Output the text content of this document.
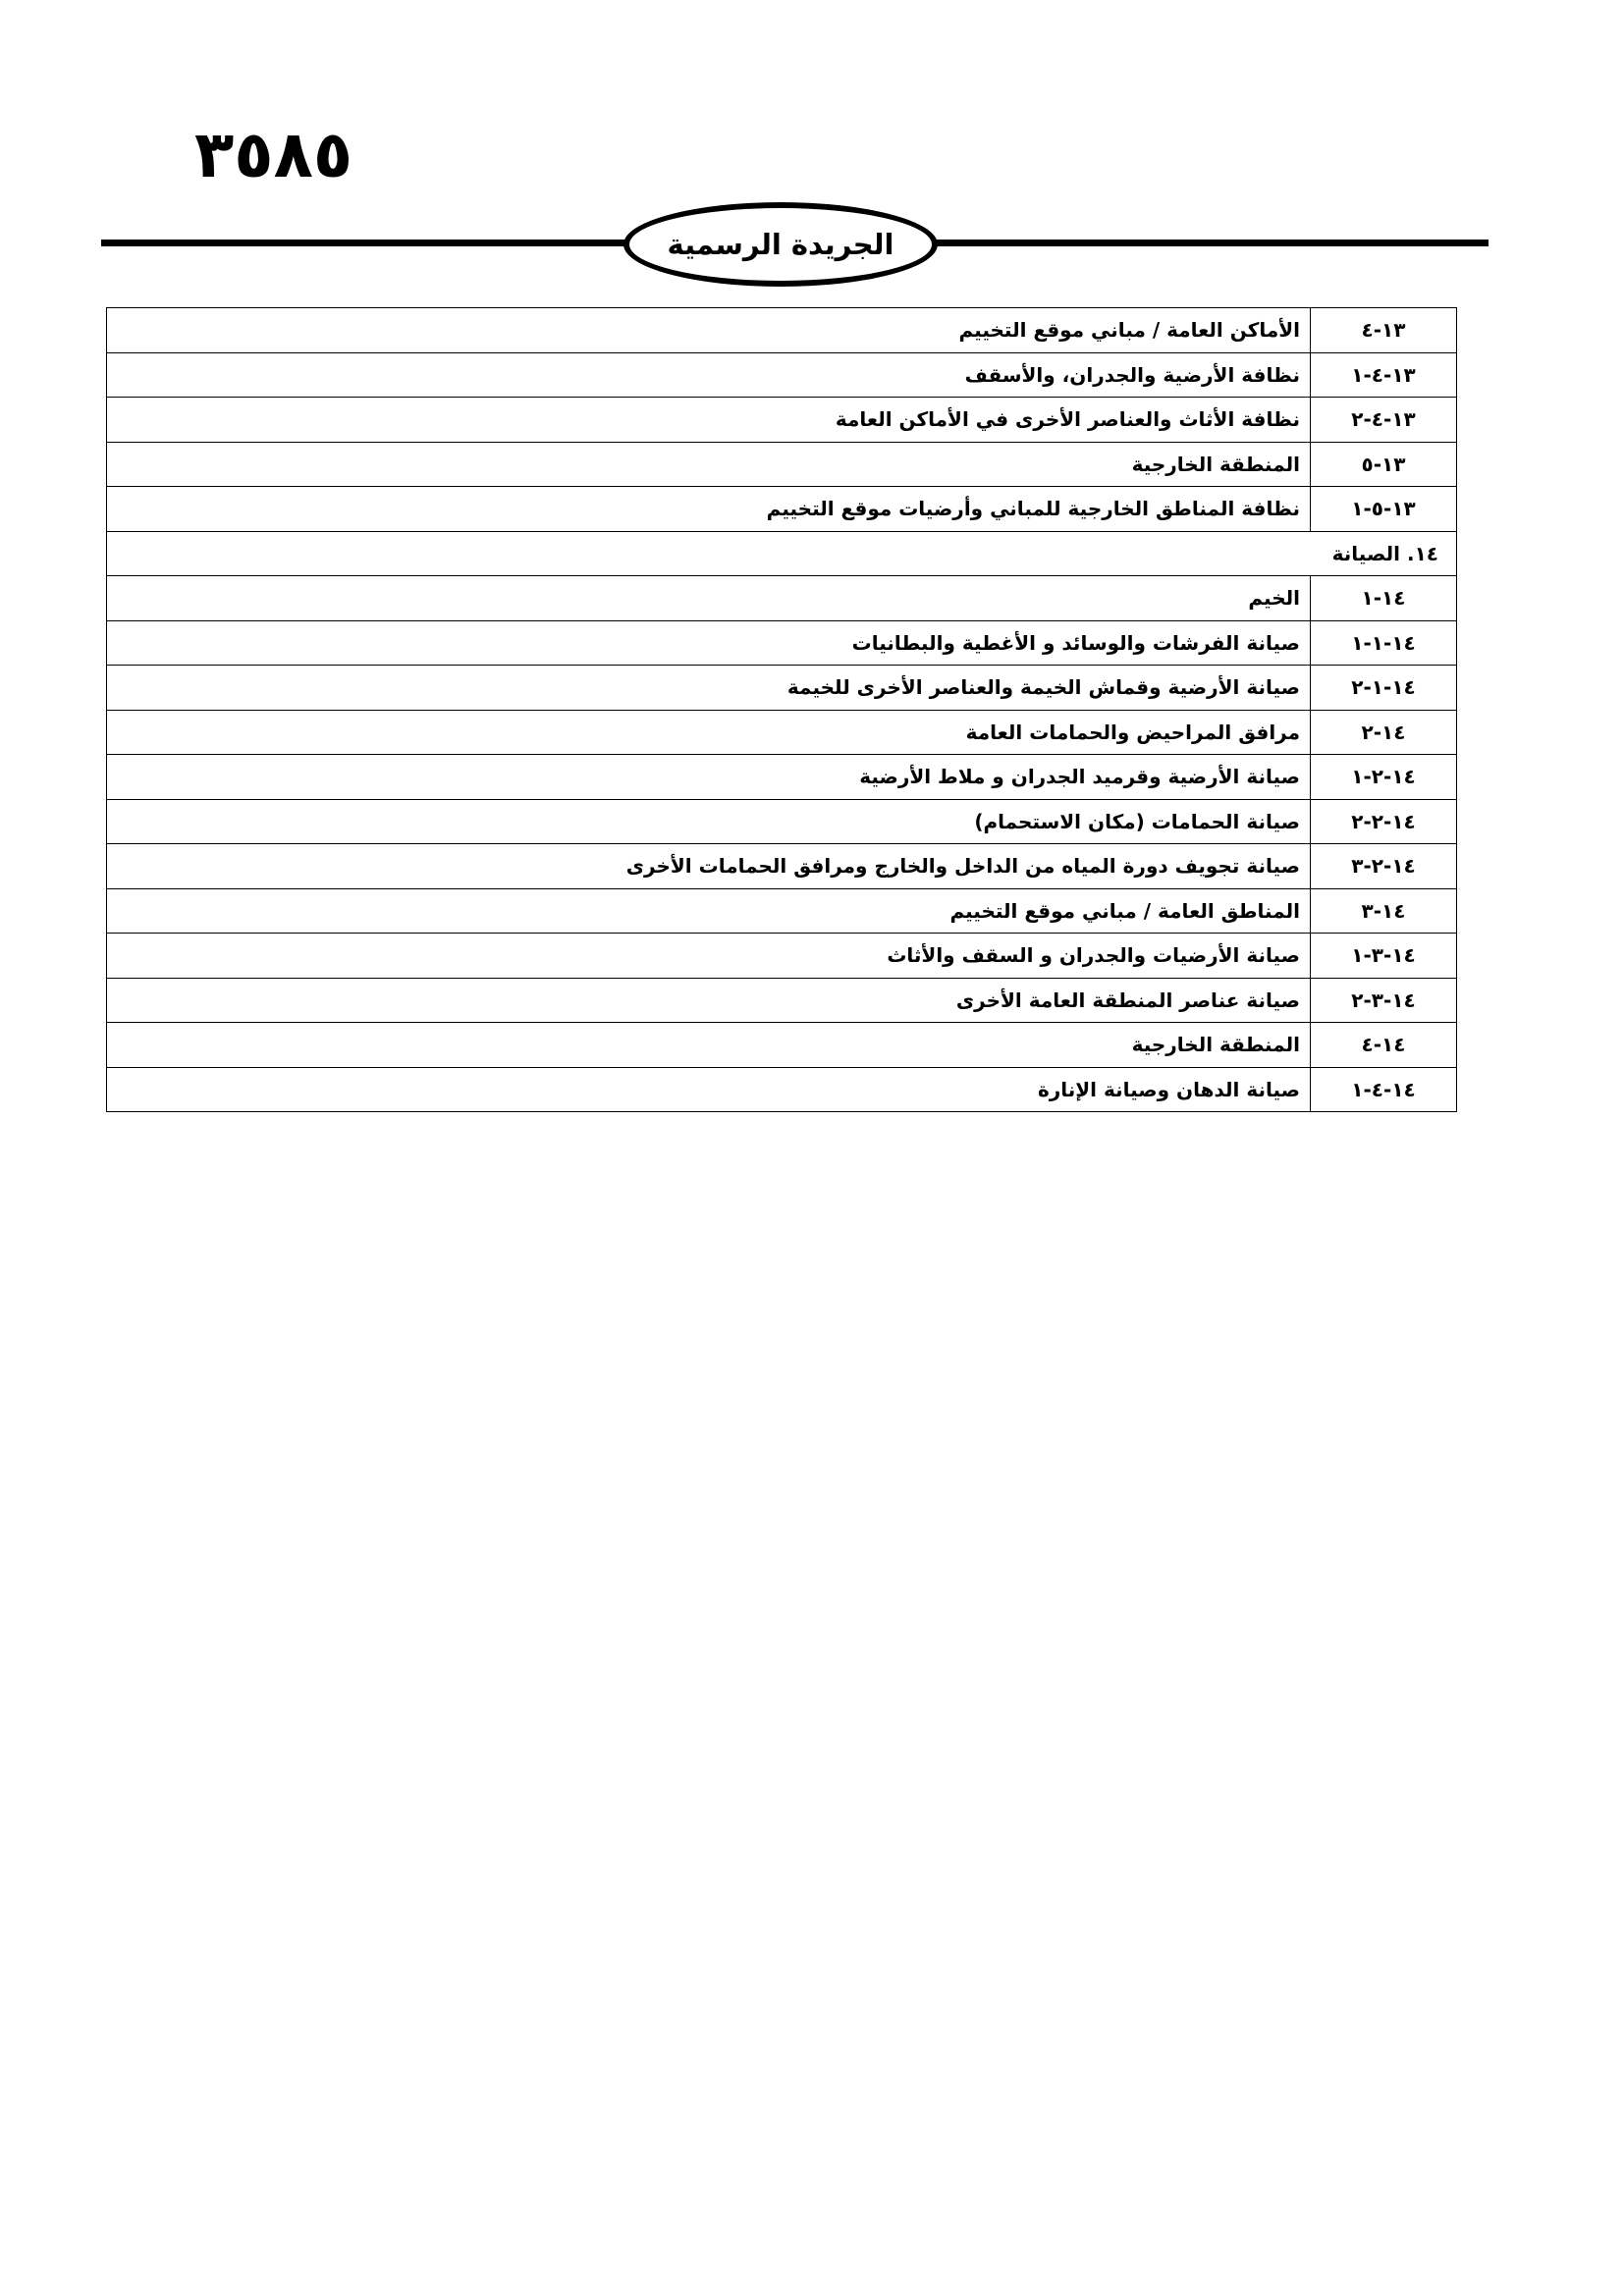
٣٥٨٥
الجريدة الرسمية
١٣-٤	الأماكن العامة / مباني موقع التخييم
١٣-٤-١	نظافة الأرضية والجدران، والأسقف
١٣-٤-٢	نظافة الأثاث والعناصر الأخرى في الأماكن العامة
١٣-٥	المنطقة الخارجية
١٣-٥-١	نظافة المناطق الخارجية للمباني وأرضيات موقع التخييم
١٤. الصيانة	
١٤-١	الخيم
١٤-١-١	صيانة الفرشات والوسائد و الأغطية والبطانيات
١٤-١-٢	صيانة الأرضية وقماش الخيمة والعناصر الأخرى للخيمة
١٤-٢	مرافق المراحيض والحمامات العامة
١٤-٢-١	صيانة الأرضية وقرميد الجدران و ملاط الأرضية
١٤-٢-٢	صيانة الحمامات (مكان الاستحمام)
١٤-٢-٣	صيانة تجويف دورة المياه من الداخل والخارج ومرافق الحمامات الأخرى
١٤-٣	المناطق العامة / مباني موقع التخييم
١٤-٣-١	صيانة الأرضيات والجدران و السقف والأثاث
١٤-٣-٢	صيانة عناصر المنطقة العامة الأخرى
١٤-٤	المنطقة الخارجية
١٤-٤-١	صيانة الدهان وصيانة الإنارة
